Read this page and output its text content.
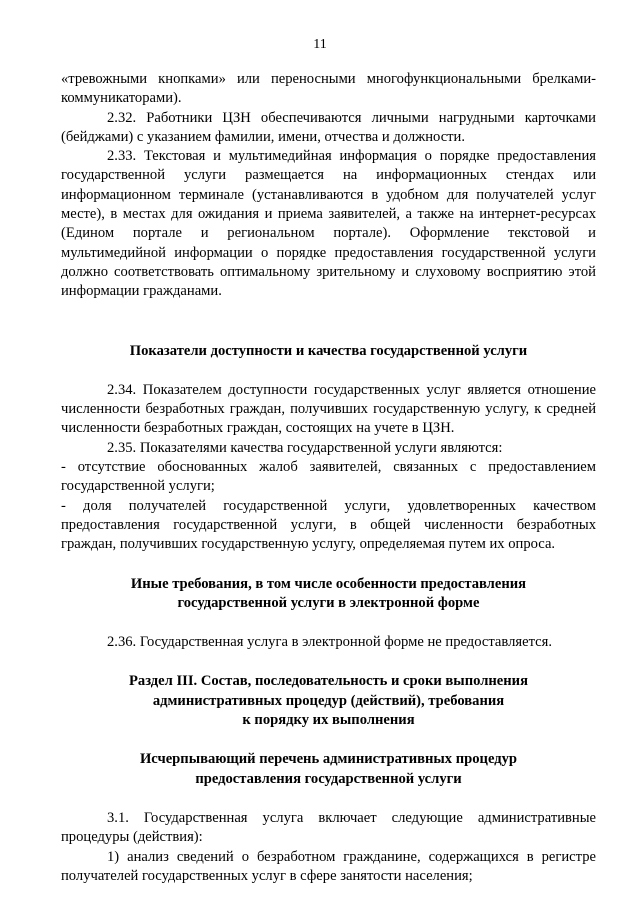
11

«тревожными кнопками» или переносными многофункциональными брелками-коммуникаторами).

2.32. Работники ЦЗН обеспечиваются личными нагрудными карточками (бейджами) с указанием фамилии, имени, отчества и должности.

2.33. Текстовая и мультимедийная информация о порядке предоставления государственной услуги размещается на информационных стендах или информационном терминале (устанавливаются в удобном для получателей услуг месте), в местах для ожидания и приема заявителей, а также на интернет-ресурсах (Едином портале и региональном портале). Оформление текстовой и мультимедийной информации о порядке предоставления государственной услуги должно соответствовать оптимальному зрительному и слуховому восприятию этой информации гражданами.

Показатели доступности и качества государственной услуги

2.34. Показателем доступности государственных услуг является отношение численности безработных граждан, получивших государственную услугу, к средней численности безработных граждан, состоящих на учете в ЦЗН.

2.35. Показателями качества государственной услуги являются:

- отсутствие обоснованных жалоб заявителей, связанных с предоставлением государственной услуги;

- доля получателей государственной услуги, удовлетворенных качеством предоставления государственной услуги, в общей численности безработных граждан, получивших государственную услугу, определяемая путем их опроса.

Иные требования, в том числе особенности предоставления

государственной услуги в электронной форме

2.36. Государственная услуга в электронной форме не предоставляется.

Раздел III. Состав, последовательность и сроки выполнения

административных процедур (действий), требования

к порядку их выполнения

Исчерпывающий перечень административных процедур

предоставления государственной услуги

3.1. Государственная услуга включает следующие административные процедуры (действия):

1) анализ сведений о безработном гражданине, содержащихся в регистре получателей государственных услуг в сфере занятости населения;
